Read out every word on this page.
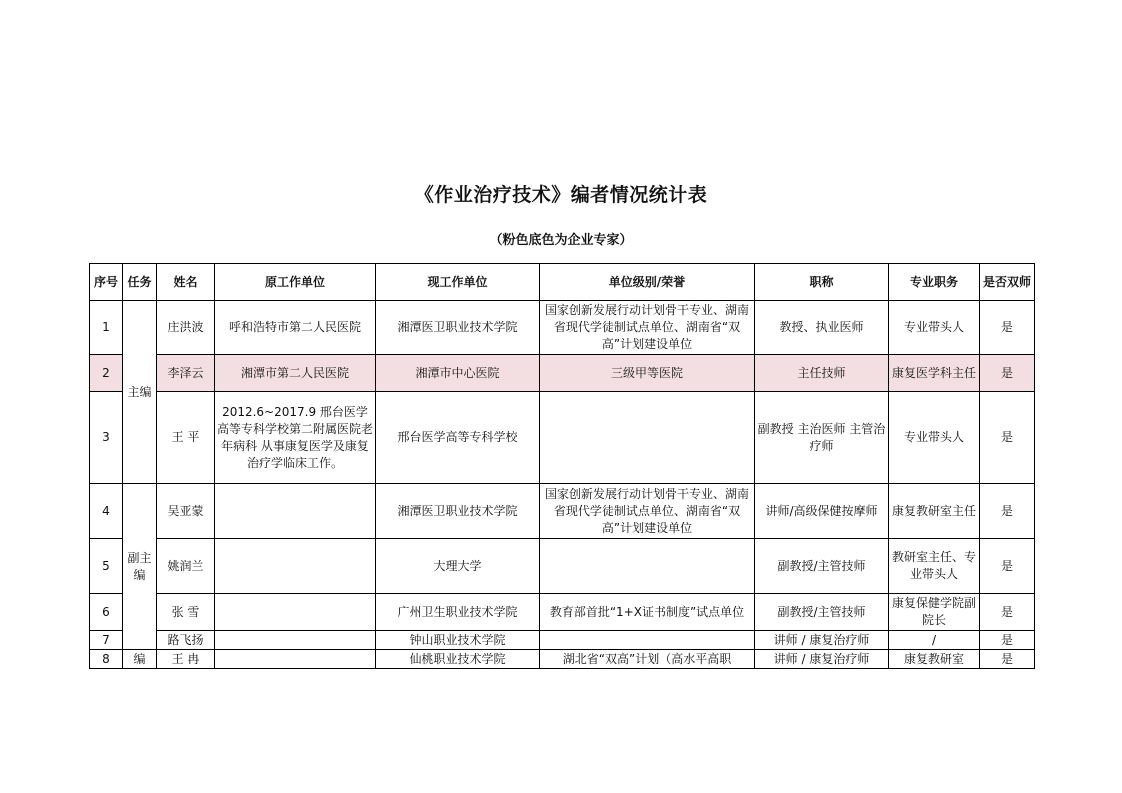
《作业治疗技术》编者情况统计表
（粉色底色为企业专家）
序号	任务	姓名	原工作单位	现工作单位	单位级别/荣誉	职称	专业职务	是否双师
1	主编	庄洪波	呼和浩特市第二人民医院	湘潭医卫职业技术学院	国家创新发展行动计划骨干专业、湖南省现代学徒制试点单位、湖南省“双高”计划建设单位	教授、执业医师	专业带头人	是
2		李泽云	湘潭市第二人民医院	湘潭市中心医院	三级甲等医院	主任技师	康复医学科主任	是
3		王 平	2012.6~2017.9 邢台医学高等专科学校第二附属医院老年病科 从事康复医学及康复治疗学临床工作。	邢台医学高等专科学校		副教授 主治医师 主管治疗师	专业带头人	是
4	副主编	吴亚蒙		湘潭医卫职业技术学院	国家创新发展行动计划骨干专业、湖南省现代学徒制试点单位、湖南省“双高”计划建设单位	讲师/高级保健按摩师	康复教研室主任	是
5		姚润兰		大理大学		副教授/主管技师	教研室主任、专业带头人	是
6		张 雪		广州卫生职业技术学院	教育部首批“1+X证书制度”试点单位	副教授/主管技师	康复保健学院副院长	是
7		路飞扬		钟山职业技术学院		讲师 / 康复治疗师	/	是
8	编	王 冉		仙桃职业技术学院	湖北省“双高”计划（高水平高职	讲师 / 康复治疗师	康复教研室	是
